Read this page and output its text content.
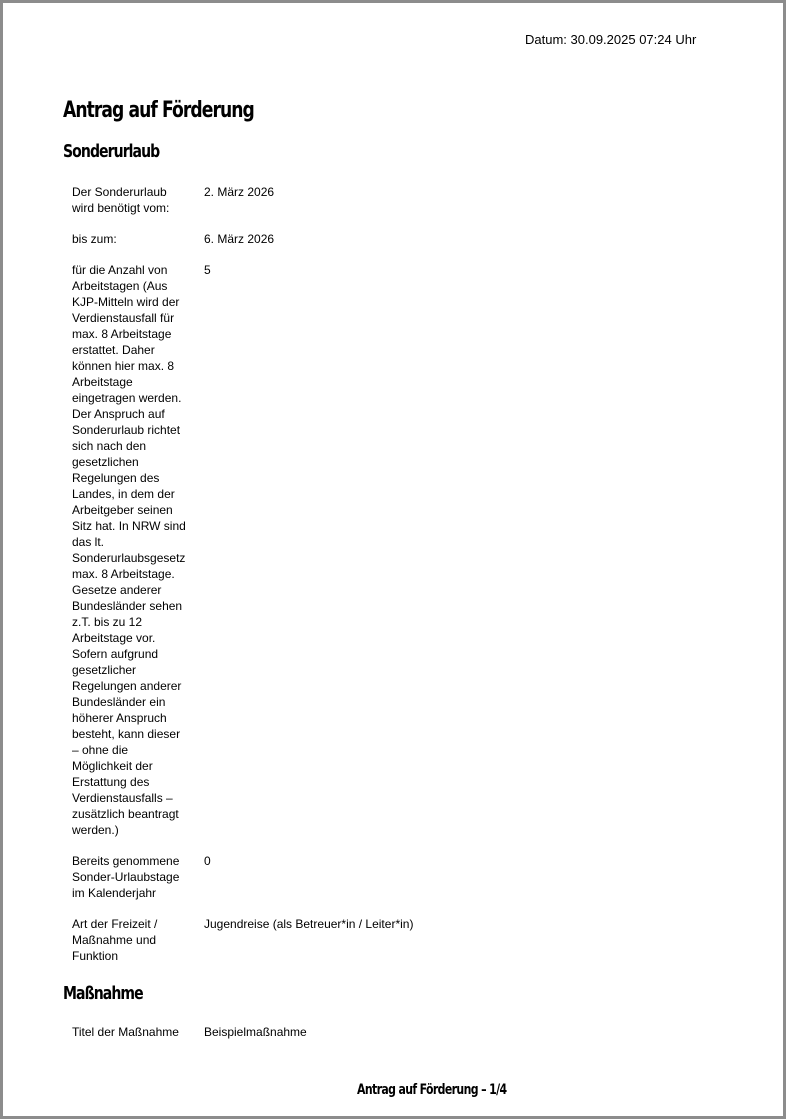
Datum: 30.09.2025 07:24 Uhr
Antrag auf Förderung
Sonderurlaub
Der Sonderurlaub wird benötigt vom:
2. März 2026
bis zum:	6. März 2026
für die Anzahl von Arbeitstagen (Aus KJP-Mitteln wird der Verdienstausfall für max. 8 Arbeitstage erstattet. Daher können hier max. 8 Arbeitstage eingetragen werden. Der Anspruch auf Sonderurlaub richtet sich nach den gesetzlichen Regelungen des Landes, in dem der Arbeitgeber seinen Sitz hat. In NRW sind das lt. Sonderurlaubsgesetz max. 8 Arbeitstage. Gesetze anderer Bundesländer sehen z.T. bis zu 12 Arbeitstage vor. Sofern aufgrund gesetzlicher Regelungen anderer Bundesländer ein höherer Anspruch besteht, kann dieser – ohne die Möglichkeit der Erstattung des Verdienstausfalls – zusätzlich beantragt werden.)
5
Bereits genommene Sonder-Urlaubstage im Kalenderjahr
0
Art der Freizeit / Maßnahme und Funktion
Jugendreise (als Betreuer*in / Leiter*in)
Maßnahme
Titel der Maßnahme	Beispielmaßnahme
Antrag auf Förderung – 1/4
